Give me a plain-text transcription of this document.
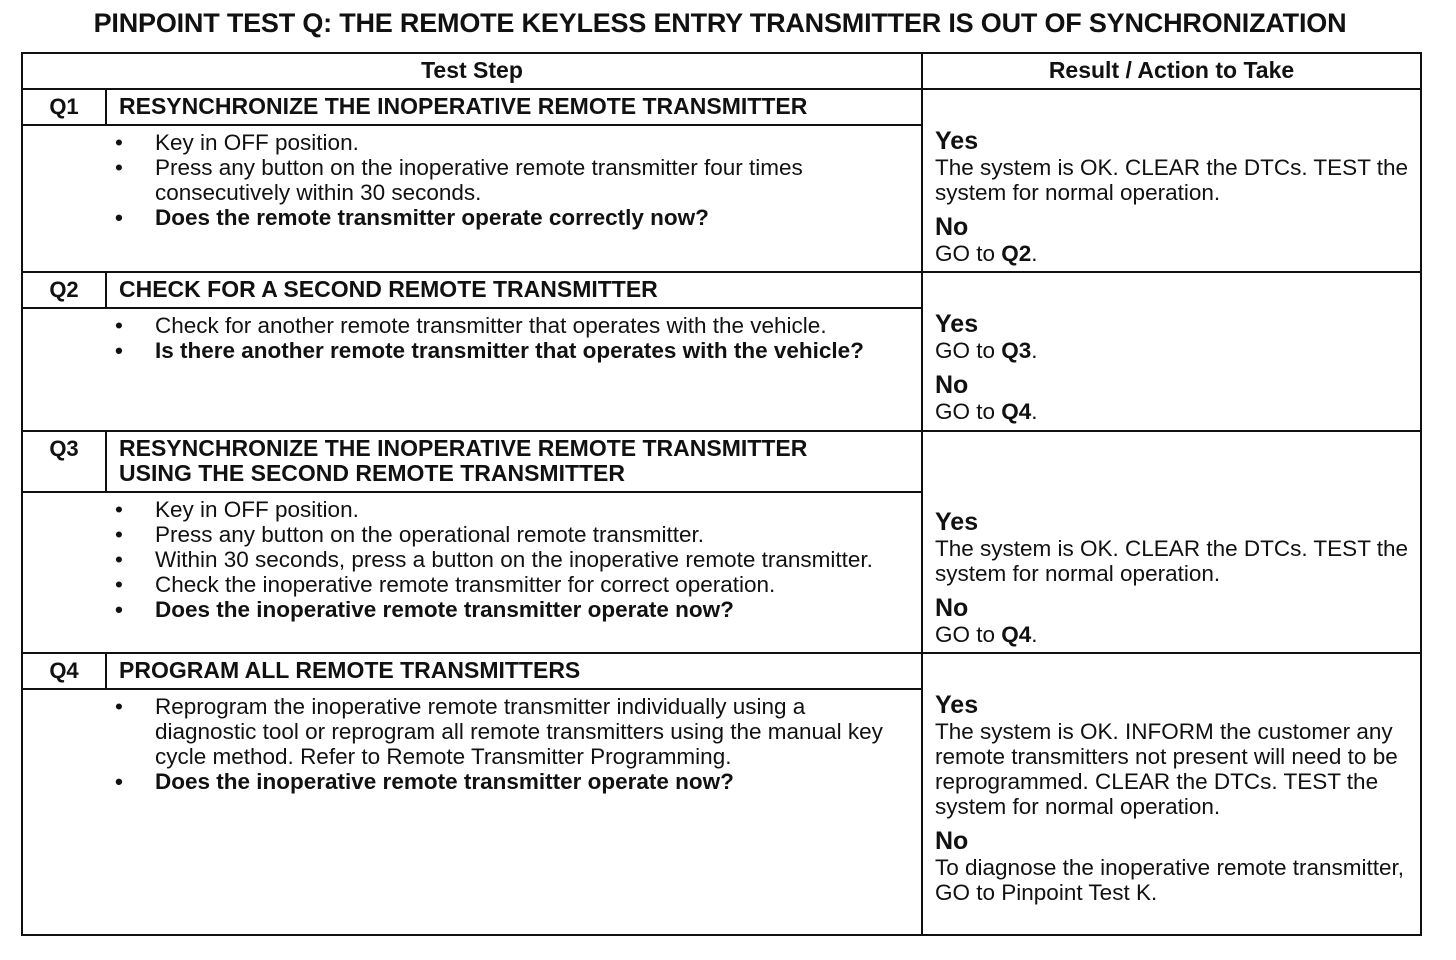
PINPOINT TEST Q: THE REMOTE KEYLESS ENTRY TRANSMITTER IS OUT OF SYNCHRONIZATION
Test Step	Result / Action to Take
Q1	RESYNCHRONIZE THE INOPERATIVE REMOTE TRANSMITTER
• Key in OFF position.
• Press any button on the inoperative remote transmitter four times consecutively within 30 seconds.
• Does the remote transmitter operate correctly now?
Yes
The system is OK. CLEAR the DTCs. TEST the system for normal operation.
No
GO to Q2.
Q2	CHECK FOR A SECOND REMOTE TRANSMITTER
• Check for another remote transmitter that operates with the vehicle.
• Is there another remote transmitter that operates with the vehicle?
Yes
GO to Q3.
No
GO to Q4.
Q3	RESYNCHRONIZE THE INOPERATIVE REMOTE TRANSMITTER
USING THE SECOND REMOTE TRANSMITTER
• Key in OFF position.
• Press any button on the operational remote transmitter.
• Within 30 seconds, press a button on the inoperative remote transmitter.
• Check the inoperative remote transmitter for correct operation.
• Does the inoperative remote transmitter operate now?
Yes
The system is OK. CLEAR the DTCs. TEST the system for normal operation.
No
GO to Q4.
Q4	PROGRAM ALL REMOTE TRANSMITTERS
• Reprogram the inoperative remote transmitter individually using a diagnostic tool or reprogram all remote transmitters using the manual key cycle method. Refer to Remote Transmitter Programming.
• Does the inoperative remote transmitter operate now?
Yes
The system is OK. INFORM the customer any remote transmitters not present will need to be reprogrammed. CLEAR the DTCs. TEST the system for normal operation.
No
To diagnose the inoperative remote transmitter, GO to Pinpoint Test K.
